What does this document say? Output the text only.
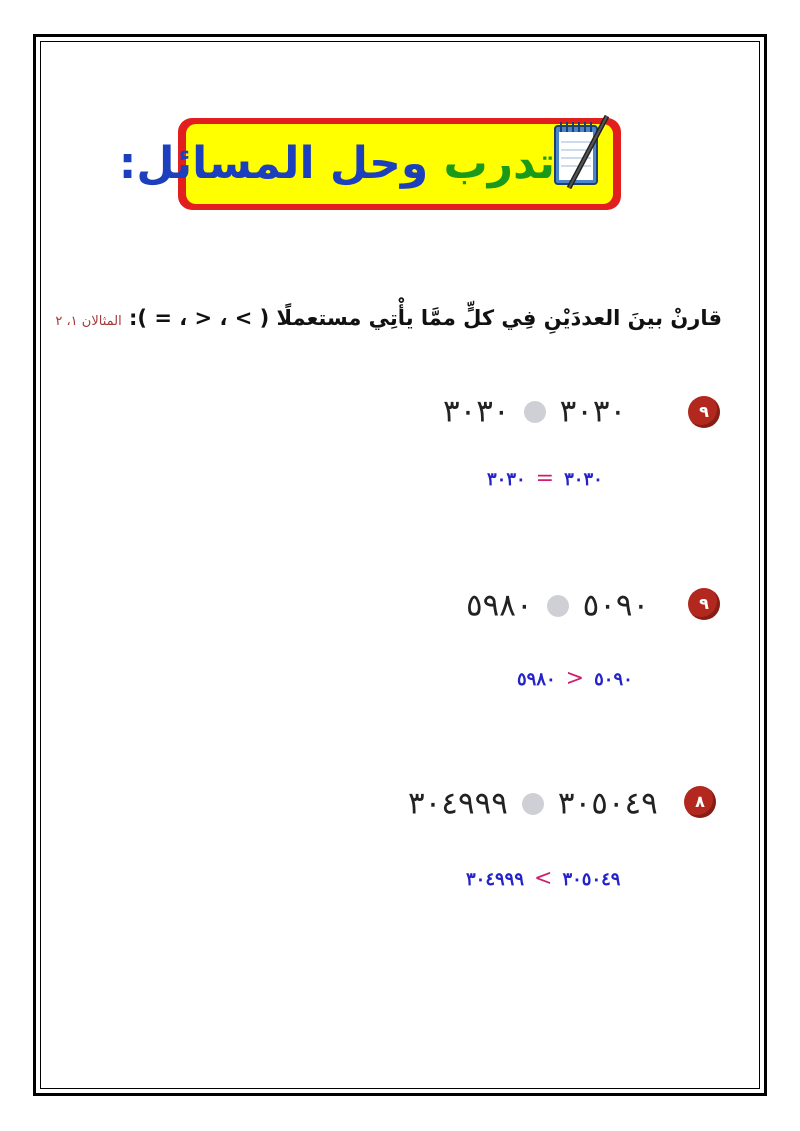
تدرب وحل المسائل:
قارنْ بينَ العددَيْنِ فِي كلٍّ ممَّا يأْتِي مستعملًا ( > ، < ، = ): المثالان ١، ٢
٣٠٣٠٣٠٣٠	٩
٣٠٣٠=٣٠٣٠
٥٠٩٠٥٩٨٠	٩
٥٠٩٠<٥٩٨٠
٣٠٥٠٤٩٣٠٤٩٩٩	٨
٣٠٥٠٤٩>٣٠٤٩٩٩
